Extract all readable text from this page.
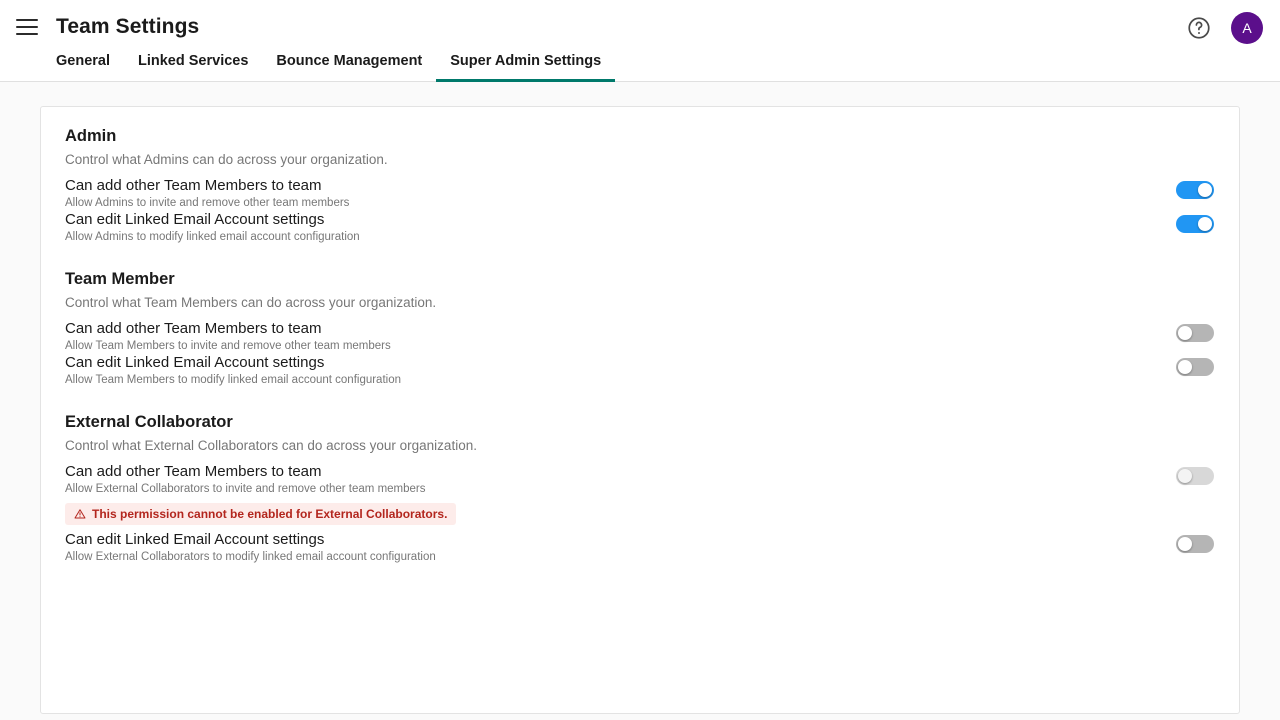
Team Settings	A
General	Linked Services	Bounce Management	Super Admin Settings
Admin
Control what Admins can do across your organization.
Can add other Team Members to team
Allow Admins to invite and remove other team members
Can edit Linked Email Account settings
Allow Admins to modify linked email account configuration
Team Member
Control what Team Members can do across your organization.
Can add other Team Members to team
Allow Team Members to invite and remove other team members
Can edit Linked Email Account settings
Allow Team Members to modify linked email account configuration
External Collaborator
Control what External Collaborators can do across your organization.
Can add other Team Members to team
Allow External Collaborators to invite and remove other team members
This permission cannot be enabled for External Collaborators.
Can edit Linked Email Account settings
Allow External Collaborators to modify linked email account configuration
